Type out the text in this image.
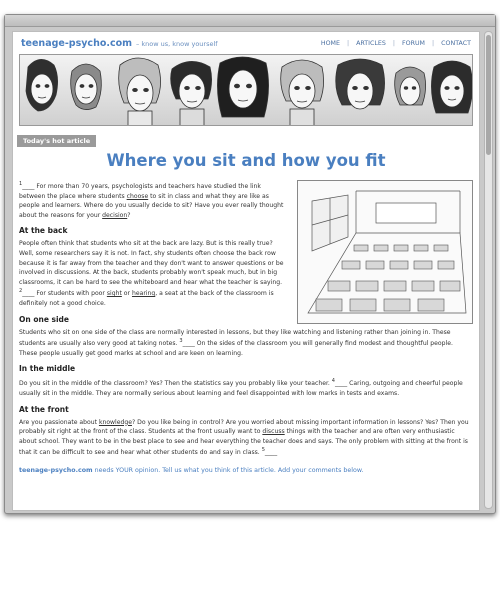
teenage-psycho.com – know us, know yourself	HOME | ARTICLES | FORUM | CONTACT
Today's hot article
Where you sit and how you fit

$^1$____ For more than 70 years, psychologists and teachers have studied the link between the place where students choose to sit in class and what they are like as people and learners. Where do you usually decide to sit? Have you ever really thought about the reasons for your decision?

At the back

People often think that students who sit at the back are lazy. But is this really true? Well, some researchers say it is not. In fact, shy students often choose the back row because it is far away from the teacher and they don't want to answer questions or be involved in discussions. At the back, students probably won't speak much, but in big classrooms, it can be hard to see the whiteboard and hear what the teacher is saying. $^2$____ For students with poor sight or hearing, a seat at the back of the classroom is definitely not a good choice.

On one side

Students who sit on one side of the class are normally interested in lessons, but they like watching and listening rather than joining in. These students are usually also very good at taking notes. $^3$____ On the sides of the classroom you will generally find modest and thoughtful people. These people usually get good marks at school and are keen on learning.

In the middle

Do you sit in the middle of the classroom? Yes? Then the statistics say you probably like your teacher. $^4$____ Caring, outgoing and cheerful people usually sit in the middle. They are normally serious about learning and feel disappointed with low marks in tests and exams.

At the front

Are you passionate about knowledge? Do you like being in control? Are you worried about missing important information in lessons? Yes? Then you probably sit right at the front of the class. Students at the front usually want to discuss things with the teacher and are often very enthusiastic about school. They want to be in the best place to see and hear everything the teacher does and says. The only problem with sitting at the front is that it can be difficult to see and hear what other students do and say in class. $^5$____

teenage-psycho.com needs YOUR opinion. Tell us what you think of this article. Add your comments below.
